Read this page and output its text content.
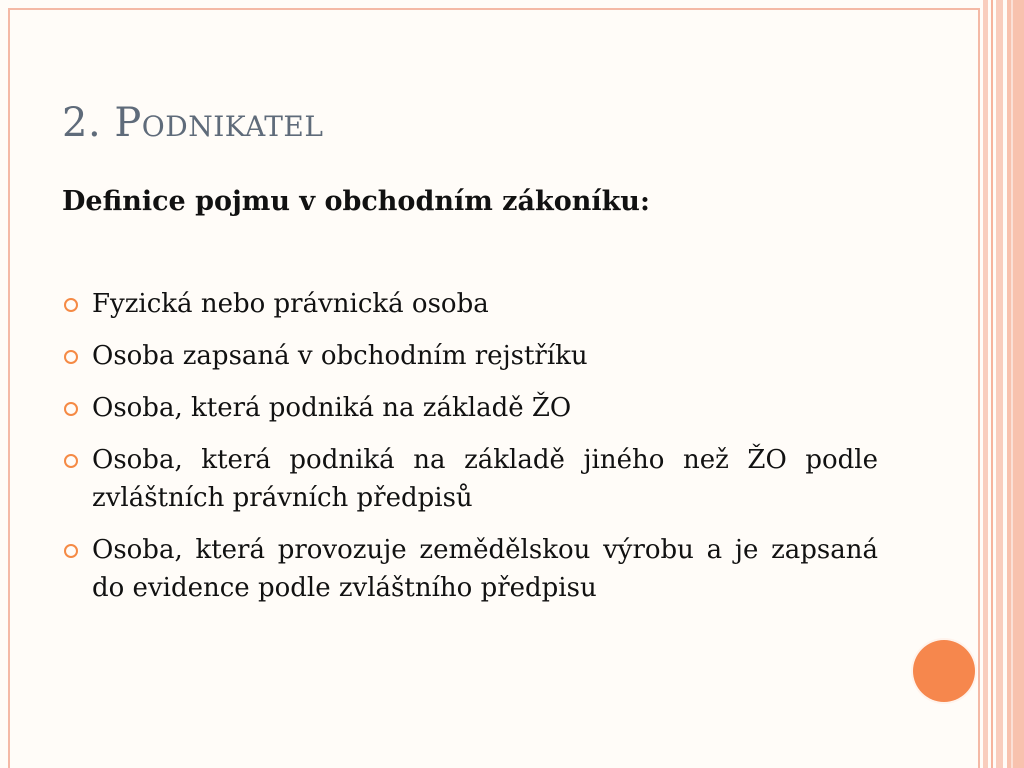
2. Podnikatel
Definice pojmu v obchodním zákoníku:
Fyzická nebo právnická osoba
Osoba zapsaná v obchodním rejstříku
Osoba, která podniká na základě ŽO
Osoba, která podniká na základě jiného než ŽO podle zvláštních právních předpisů
Osoba, která provozuje zemědělskou výrobu a je zapsaná do evidence podle zvláštního předpisu
